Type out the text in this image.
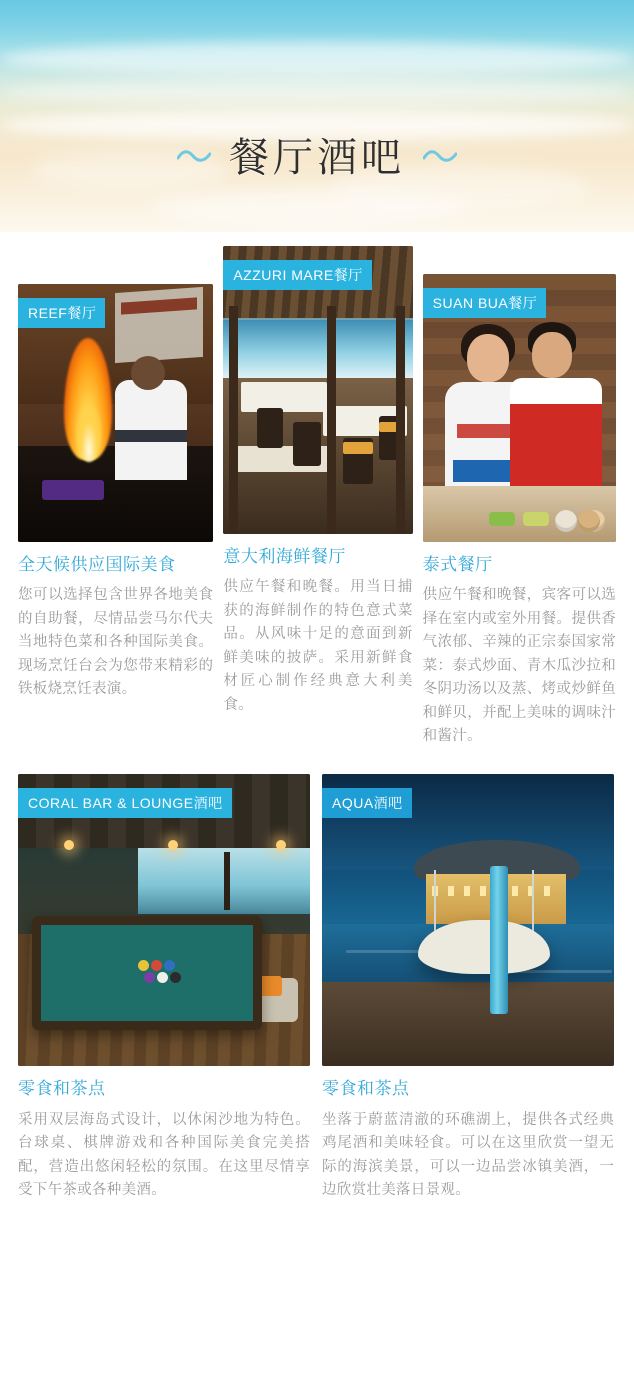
餐厅酒吧
REEF餐厅
全天候供应国际美食
您可以选择包含世界各地美食的自助餐，尽情品尝马尔代夫当地特色菜和各种国际美食。现场烹饪台会为您带来精彩的铁板烧烹饪表演。
AZZURI MARE餐厅
意大利海鲜餐厅
供应午餐和晚餐。用当日捕获的海鲜制作的特色意式菜品。从风味十足的意面到新鲜美味的披萨。采用新鲜食材匠心制作经典意大利美食。
SUAN BUA餐厅
泰式餐厅
供应午餐和晚餐，宾客可以选择在室内或室外用餐。提供香气浓郁、辛辣的正宗泰国家常菜：泰式炒面、青木瓜沙拉和冬阴功汤以及蒸、烤或炒鲜鱼和鲜贝，并配上美味的调味汁和酱汁。
CORAL BAR & LOUNGE酒吧
零食和茶点
采用双层海岛式设计，以休闲沙地为特色。台球桌、棋牌游戏和各种国际美食完美搭配，营造出悠闲轻松的氛围。在这里尽情享受下午茶或各种美酒。
AQUA酒吧
零食和茶点
坐落于蔚蓝清澈的环礁湖上，提供各式经典鸡尾酒和美味轻食。可以在这里欣赏一望无际的海滨美景，可以一边品尝冰镇美酒，一边欣赏壮美落日景观。
